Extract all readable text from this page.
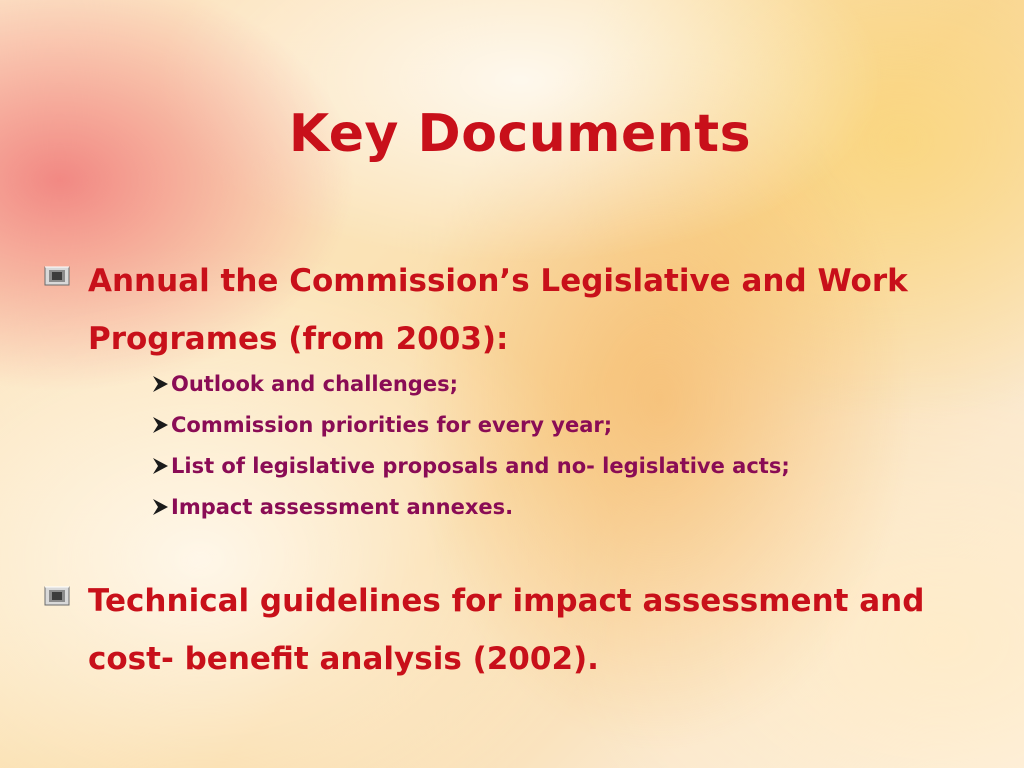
Key Documents
Annual the Commission’s Legislative and Work Programes (from 2003):
Outlook and challenges;
Commission priorities for every year;
List of legislative proposals and no- legislative acts;
Impact assessment annexes.
Technical guidelines for impact assessment and cost- benefit analysis (2002).
